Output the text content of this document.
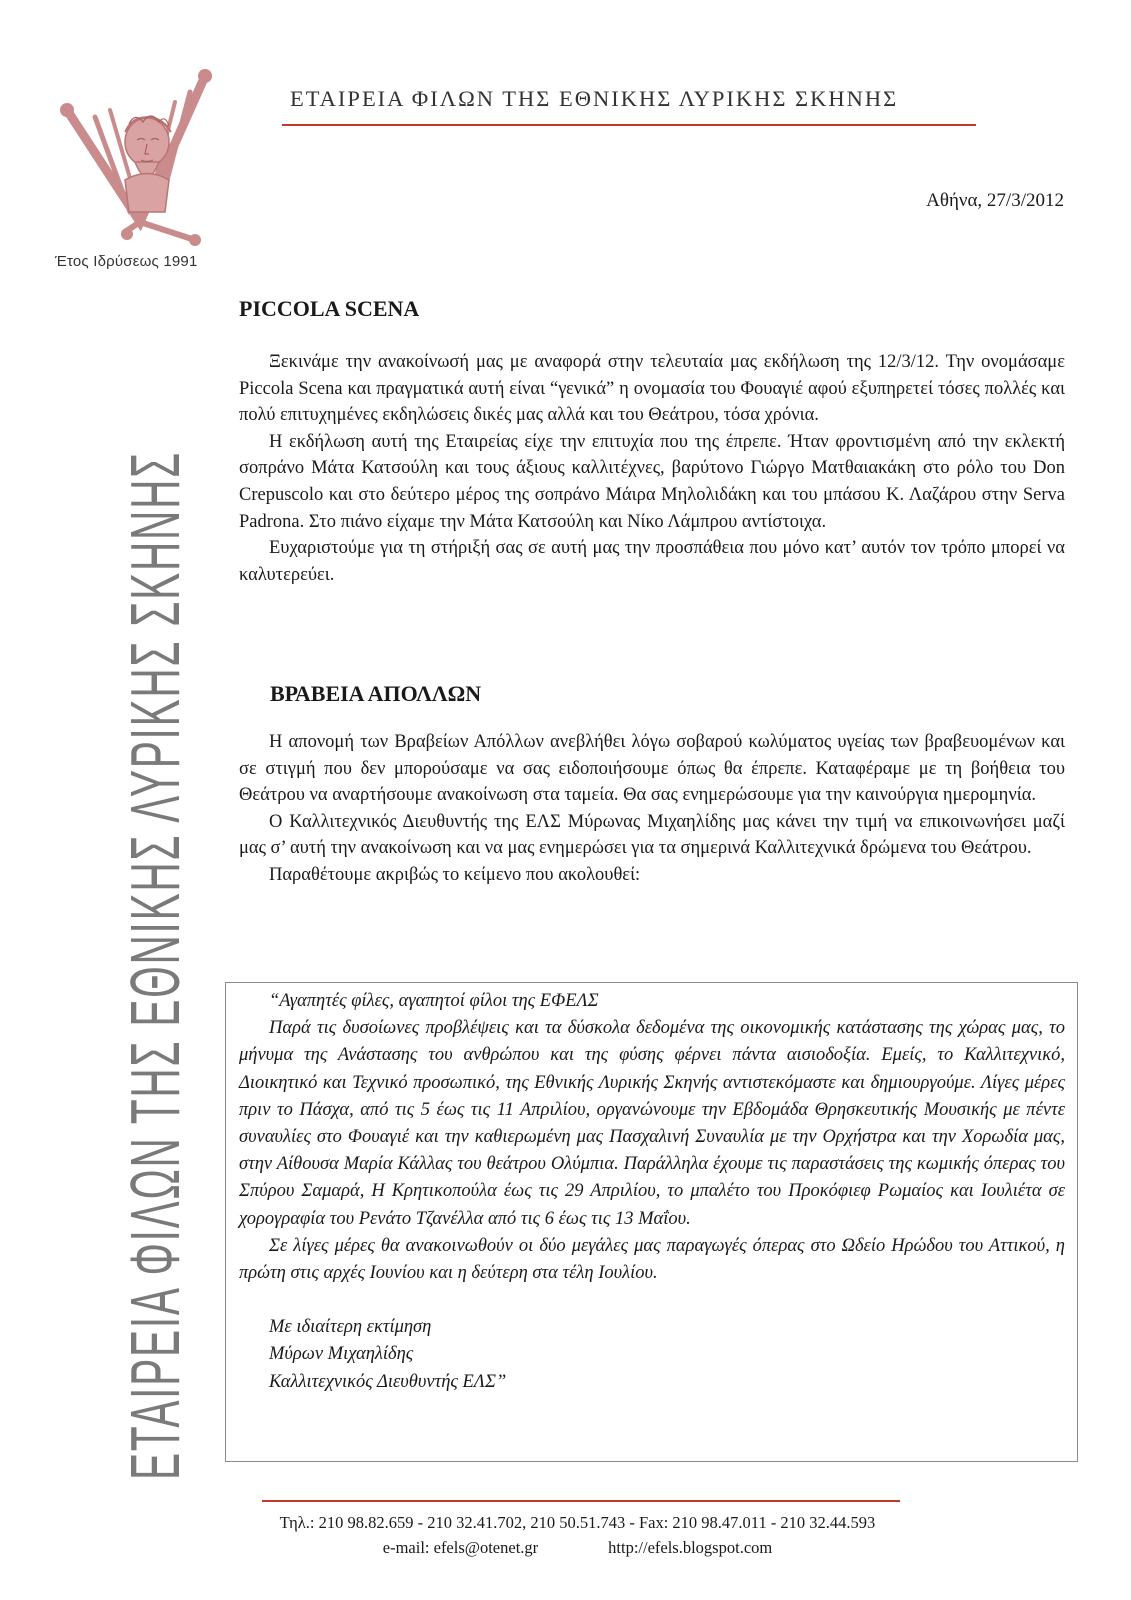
Έτος Ιδρύσεως 1991
ΕΤΑΙΡΕΙΑ ΦΙΛΩΝ ΤΗΣ ΕΘΝΙΚΗΣ ΛΥΡΙΚΗΣ ΣΚΗΝΗΣ
ΕΤΑΙΡΕΙΑ ΦΙΛΩΝ ΤΗΣ ΕΘΝΙΚΗΣ ΛΥΡΙΚΗΣ ΣΚΗΝΗΣ
Αθήνα, 27/3/2012
PICCOLA SCENA

Ξεκινάμε την ανακοίνωσή μας με αναφορά στην τελευταία μας εκδήλωση της 12/3/12. Την ονομάσαμε Piccola Scena και πραγματικά αυτή είναι “γενικά” η ονομασία του Φουαγιέ αφού εξυπηρετεί τόσες πολλές και πολύ επιτυχημένες εκδηλώσεις δικές μας αλλά και του Θεάτρου, τόσα χρόνια.

Η εκδήλωση αυτή της Εταιρείας είχε την επιτυχία που της έπρεπε. Ήταν φροντισμένη από την εκλεκτή σοπράνο Μάτα Κατσούλη και τους άξιους καλλιτέχνες, βαρύτονο Γιώργο Ματθαιακάκη στο ρόλο του Don Crepuscolo και στο δεύτερο μέρος της σοπράνο Μάιρα Μηλολιδάκη και του μπάσου Κ. Λαζάρου στην Serva Padrona. Στο πιάνο είχαμε την Μάτα Κατσούλη και Νίκο Λάμπρου αντίστοιχα.

Ευχαριστούμε για τη στήριξή σας σε αυτή μας την προσπάθεια που μόνο κατ’ αυτόν τον τρόπο μπορεί να καλυτερεύει.

ΒΡΑΒΕΙΑ ΑΠΟΛΛΩΝ

Η απονομή των Βραβείων Απόλλων ανεβλήθει λόγω σοβαρού κωλύματος υγείας των βραβευομένων και σε στιγμή που δεν μπορούσαμε να σας ειδοποιήσουμε όπως θα έπρεπε. Καταφέραμε με τη βοήθεια του Θεάτρου να αναρτήσουμε ανακοίνωση στα ταμεία. Θα σας ενημερώσουμε για την καινούργια ημερομηνία.

Ο Καλλιτεχνικός Διευθυντής της ΕΛΣ Μύρωνας Μιχαηλίδης μας κάνει την τιμή να επικοινωνήσει μαζί μας σ’ αυτή την ανακοίνωση και να μας ενημερώσει για τα σημερινά Καλλιτεχνικά δρώμενα του Θεάτρου.

Παραθέτουμε ακριβώς το κείμενο που ακολουθεί:

“Αγαπητές φίλες, αγαπητοί φίλοι της ΕΦΕΛΣ

Παρά τις δυσοίωνες προβλέψεις και τα δύσκολα δεδομένα της οικονομικής κατάστασης της χώρας μας, το μήνυμα της Ανάστασης του ανθρώπου και της φύσης φέρνει πάντα αισιοδοξία. Εμείς, το Καλλιτεχνικό, Διοικητικό και Τεχνικό προσωπικό, της Εθνικής Λυρικής Σκηνής αντιστεκόμαστε και δημιουργούμε. Λίγες μέρες πριν το Πάσχα, από τις 5 έως τις 11 Απριλίου, οργανώνουμε την Εβδομάδα Θρησκευτικής Μουσικής με πέντε συναυλίες στο Φουαγιέ και την καθιερωμένη μας Πασχαλινή Συναυλία με την Ορχήστρα και την Χορωδία μας, στην Αίθουσα Μαρία Κάλλας του θεάτρου Ολύμπια. Παράλληλα έχουμε τις παραστάσεις της κωμικής όπερας του Σπύρου Σαμαρά, Η Κρητικοπούλα έως τις 29 Απριλίου, το μπαλέτο του Προκόφιεφ Ρωμαίος και Ιουλιέτα σε χορογραφία του Ρενάτο Τζανέλλα από τις 6 έως τις 13 Μαΐου.

Σε λίγες μέρες θα ανακοινωθούν οι δύο μεγάλες μας παραγωγές όπερας στο Ωδείο Ηρώδου του Αττικού, η πρώτη στις αρχές Ιουνίου και η δεύτερη στα τέλη Ιουλίου.

Με ιδιαίτερη εκτίμηση
Μύρων Μιχαηλίδης
Καλλιτεχνικός Διευθυντής ΕΛΣ”
Τηλ.: 210 98.82.659 - 210 32.41.702, 210 50.51.743 - Fax: 210 98.47.011 - 210 32.44.593
e-mail: efels@otenet.gr	http://efels.blogspot.com
